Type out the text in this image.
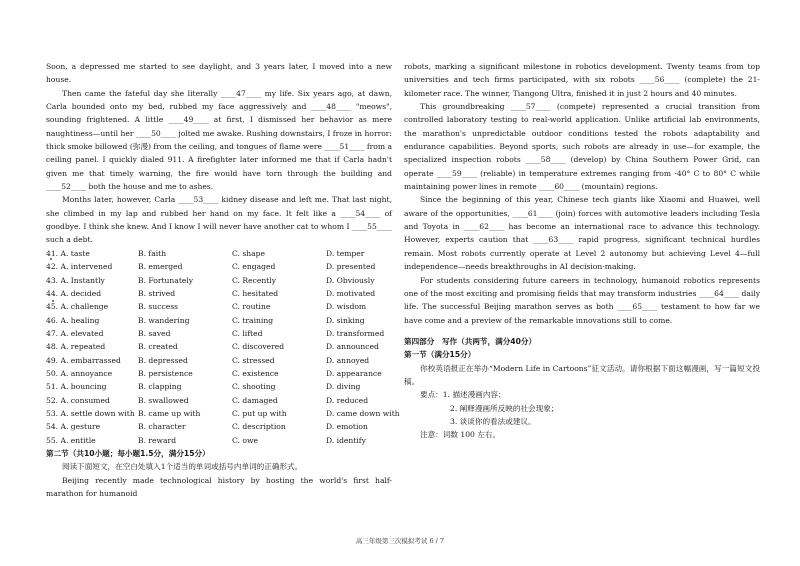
Soon, a depressed me started to see daylight, and 3 years later, I moved into a new house.

Then came the fateful day she literally ____47____ my life. Six years ago, at dawn, Carla bounded onto my bed, rubbed my face aggressively and ____48____ "meows", sounding frightened. A little ____49____ at first, I dismissed her behavior as mere naughtiness—until her ____50____ jolted me awake. Rushing downstairs, I froze in horror: thick smoke billowed (弥漫) from the ceiling, and tongues of flame were ____51____ from a ceiling panel. I quickly dialed 911. A firefighter later informed me that if Carla hadn't given me that timely warning, the fire would have torn through the building and ____52____ both the house and me to ashes.

Months later, however, Carla ____53____ kidney disease and left me. That last night, she climbed in my lap and rubbed her hand on my face. It felt like a ____54____ of goodbye. I think she knew. And I know I will never have another cat to whom I ____55____ such a debt.

41. A. taste	B. faith	C. shape	D. temper
42. A. intervened	B. emerged	C. engaged	D. presented
43. A. Instantly	B. Fortunately	C. Recently	D. Obviously
44. A. decided	B. strived	C. hesitated	D. motivated
45. A. challenge	B. success	C. routine	D. wisdom
46. A. healing	B. wandering	C. training	D. sinking
47. A. elevated	B. saved	C. lifted	D. transformed
48. A. repeated	B. created	C. discovered	D. announced
49. A. embarrassed	B. depressed	C. stressed	D. annoyed
50. A. annoyance	B. persistence	C. existence	D. appearance
51. A. bouncing	B. clapping	C. shooting	D. diving
52. A. consumed	B. swallowed	C. damaged	D. reduced
53. A. settle down with B. came up with	C. put up with	D. came down with
54. A. gesture	B. character	C. description	D. emotion
55. A. entitle	B. reward	C. owe	D. identify

第二节（共10小题；每小题1.5分，满分15分）

阅读下面短文，在空白处填入1个适当的单词或括号内单词的正确形式。

Beijing recently made technological history by hosting the world's first half-marathon for humanoid

robots, marking a significant milestone in robotics development. Twenty teams from top universities and tech firms participated, with six robots ____56____ (complete) the 21-kilometer race. The winner, Tiangong Ultra, finished it in just 2 hours and 40 minutes.

This groundbreaking ____57____ (compete) represented a crucial transition from controlled laboratory testing to real-world application. Unlike artificial lab environments, the marathon's unpredictable outdoor conditions tested the robots adaptability and endurance capabilities. Beyond sports, such robots are already in use—for example, the specialized inspection robots ____58____ (develop) by China Southern Power Grid, can operate ____59____ (reliable) in temperature extremes ranging from -40° C to 80° C while maintaining power lines in remote ____60____ (mountain) regions.

Since the beginning of this year, Chinese tech giants like Xiaomi and Huawei, well aware of the opportunities, ____61____ (join) forces with automotive leaders including Tesla and Toyota in ____62____ has become an international race to advance this technology. However, experts caution that ____63____ rapid progress, significant technical hurdles remain. Most robots currently operate at Level 2 autonomy but achieving Level 4—full independence—needs breakthroughs in AI decision-making.

For students considering future careers in technology, humanoid robotics represents one of the most exciting and promising fields that may transform industries ____64____ daily life. The successful Beijing marathon serves as both ____65____ testament to how far we have come and a preview of the remarkable innovations still to come.

第四部分　写作（共两节，满分40分）

第一节（满分15分）

你校英语报正在举办“Modern Life in Cartoons”征文活动。请你根据下面这幅漫画，写一篇短文投稿。

要点：1. 描述漫画内容；

2. 阐释漫画所反映的社会现象；

3. 谈谈你的看法或建议。

注意：词数 100 左右。

高三年级第三次模拟考试 6 / 7
